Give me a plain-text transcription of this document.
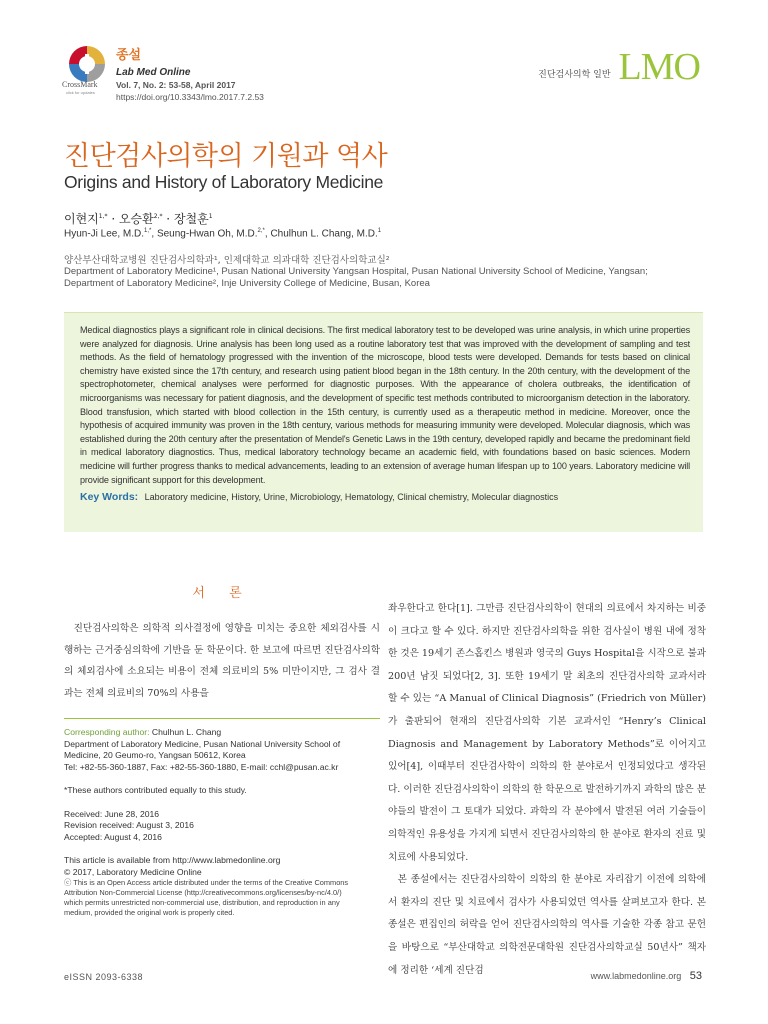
CrossMark
click for updates
종설
Lab Med Online
Vol. 7, No. 2: 53-58, April 2017
https://doi.org/10.3343/lmo.2017.7.2.53
진단검사의학 일반 LMO
진단검사의학의 기원과 역사
Origins and History of Laboratory Medicine
이현지$^{1,*}$ · 오승환$^{2,*}$ · 장철훈$^1$
Hyun-Ji Lee, M.D.$^{1,*}$, Seung-Hwan Oh, M.D.$^{2,*}$, Chulhun L. Chang, M.D.$^1$
양산부산대학교병원 진단검사의학과¹, 인제대학교 의과대학 진단검사의학교실²
Department of Laboratory Medicine¹, Pusan National University Yangsan Hospital, Pusan National University School of Medicine, Yangsan;
Department of Laboratory Medicine², Inje University College of Medicine, Busan, Korea
Medical diagnostics plays a significant role in clinical decisions. The first medical laboratory test to be developed was urine analysis, in which urine properties were analyzed for diagnosis. Urine analysis has been long used as a routine laboratory test that was improved with the development of sampling and test methods. As the field of hematology progressed with the invention of the microscope, blood tests were developed. Demands for tests based on clinical chemistry have existed since the 17th century, and research using patient blood began in the 18th century. In the 20th century, with the development of the spectrophotometer, chemical analyses were performed for diagnostic purposes. With the appearance of cholera outbreaks, the identification of microorganisms was necessary for patient diagnosis, and the development of specific test methods contributed to microorganism detection in the laboratory. Blood transfusion, which started with blood collection in the 15th century, is currently used as a therapeutic method in medicine. Moreover, once the hypothesis of acquired immunity was proven in the 18th century, various methods for measuring immunity were developed. Molecular diagnosis, which was established during the 20th century after the presentation of Mendel's Genetic Laws in the 19th century, developed rapidly and became the predominant field in medical laboratory diagnostics. Thus, medical laboratory technology became an academic field, with foundations based on basic sciences. Modern medicine will further progress thanks to medical advancements, leading to an extension of average human lifespan up to 100 years. Laboratory medicine will provide significant support for this development.
Key Words: Laboratory medicine, History, Urine, Microbiology, Hematology, Clinical chemistry, Molecular diagnostics
서 론

진단검사의학은 의학적 의사결정에 영향을 미치는 중요한 체외검사를 시행하는 근거중심의학에 기반을 둔 학문이다. 한 보고에 따르면 진단검사의학의 체외검사에 소요되는 비용이 전체 의료비의 5% 미만이지만, 그 검사 결과는 전체 의료비의 70%의 사용을

Corresponding author: Chulhun L. Chang
Department of Laboratory Medicine, Pusan National University School of
Medicine, 20 Geumo-ro, Yangsan 50612, Korea
Tel: +82-55-360-1887, Fax: +82-55-360-1880, E-mail: cchl@pusan.ac.kr
*These authors contributed equally to this study.
Received: June 28, 2016
Revision received: August 3, 2016
Accepted: August 4, 2016
This article is available from http://www.labmedonline.org
© 2017, Laboratory Medicine Online
ⓒ This is an Open Access article distributed under the terms of the Creative Commons
Attribution Non-Commercial License (http://creativecommons.org/licenses/by-nc/4.0/)
which permits unrestricted non-commercial use, distribution, and reproduction in any
medium, provided the original work is properly cited.

좌우한다고 한다[1]. 그만큼 진단검사의학이 현대의 의료에서 차지하는 비중이 크다고 할 수 있다. 하지만 진단검사의학을 위한 검사실이 병원 내에 정착한 것은 19세기 존스홉킨스 병원과 영국의 Guys Hospital을 시작으로 불과 200년 남짓 되었다[2, 3]. 또한 19세기 말 최초의 진단검사의학 교과서라 할 수 있는 “A Manual of Clinical Diagnosis” (Friedrich von Müller)가 출판되어 현재의 진단검사의학 기본 교과서인 “Henry’s Clinical Diagnosis and Management by Laboratory Methods”로 이어지고 있어[4], 이때부터 진단검사학이 의학의 한 분야로서 인정되었다고 생각된다. 이러한 진단검사의학이 의학의 한 학문으로 발전하기까지 과학의 많은 분야들의 발전이 그 토대가 되었다. 과학의 각 분야에서 발전된 여러 기술들이 의학적인 유용성을 가지게 되면서 진단검사의학의 한 분야로 환자의 진료 및 치료에 사용되었다.

본 종설에서는 진단검사의학이 의학의 한 분야로 자리잡기 이전에 의학에서 환자의 진단 및 치료에서 검사가 사용되었던 역사를 살펴보고자 한다. 본 종설은 편집인의 허락을 얻어 진단검사의학의 역사를 기술한 각종 참고 문헌을 바탕으로 “부산대학교 의학전문대학원 진단검사의학교실 50년사” 책자에 정리한 ‘세계 진단검

eISSN 2093-6338	www.labmedonline.org 53
